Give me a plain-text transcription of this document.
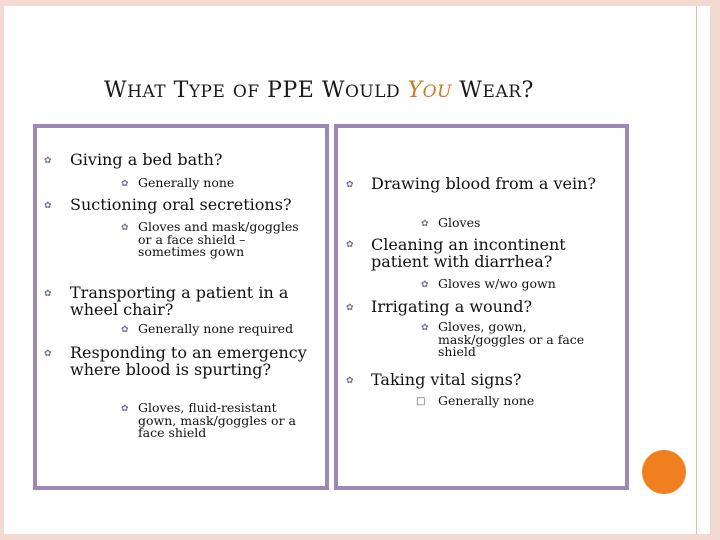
WHAT TYPE OF PPE WOULD YOU WEAR?
✿ Giving a bed bath?
✿ Generally none
✿ Suctioning oral secretions?
✿ Gloves and mask/goggles or a face shield – sometimes gown
✿ Transporting a patient in a wheel chair?
✿ Generally none required
✿ Responding to an emergency where blood is spurting?
✿ Gloves, fluid-resistant gown, mask/goggles or a face shield
✿ Drawing blood from a vein?
✿ Gloves
✿ Cleaning an incontinent patient with diarrhea?
✿ Gloves w/wo gown
✿ Irrigating a wound?
✿ Gloves, gown, mask/goggles or a face shield
✿ Taking vital signs?
□ Generally none
